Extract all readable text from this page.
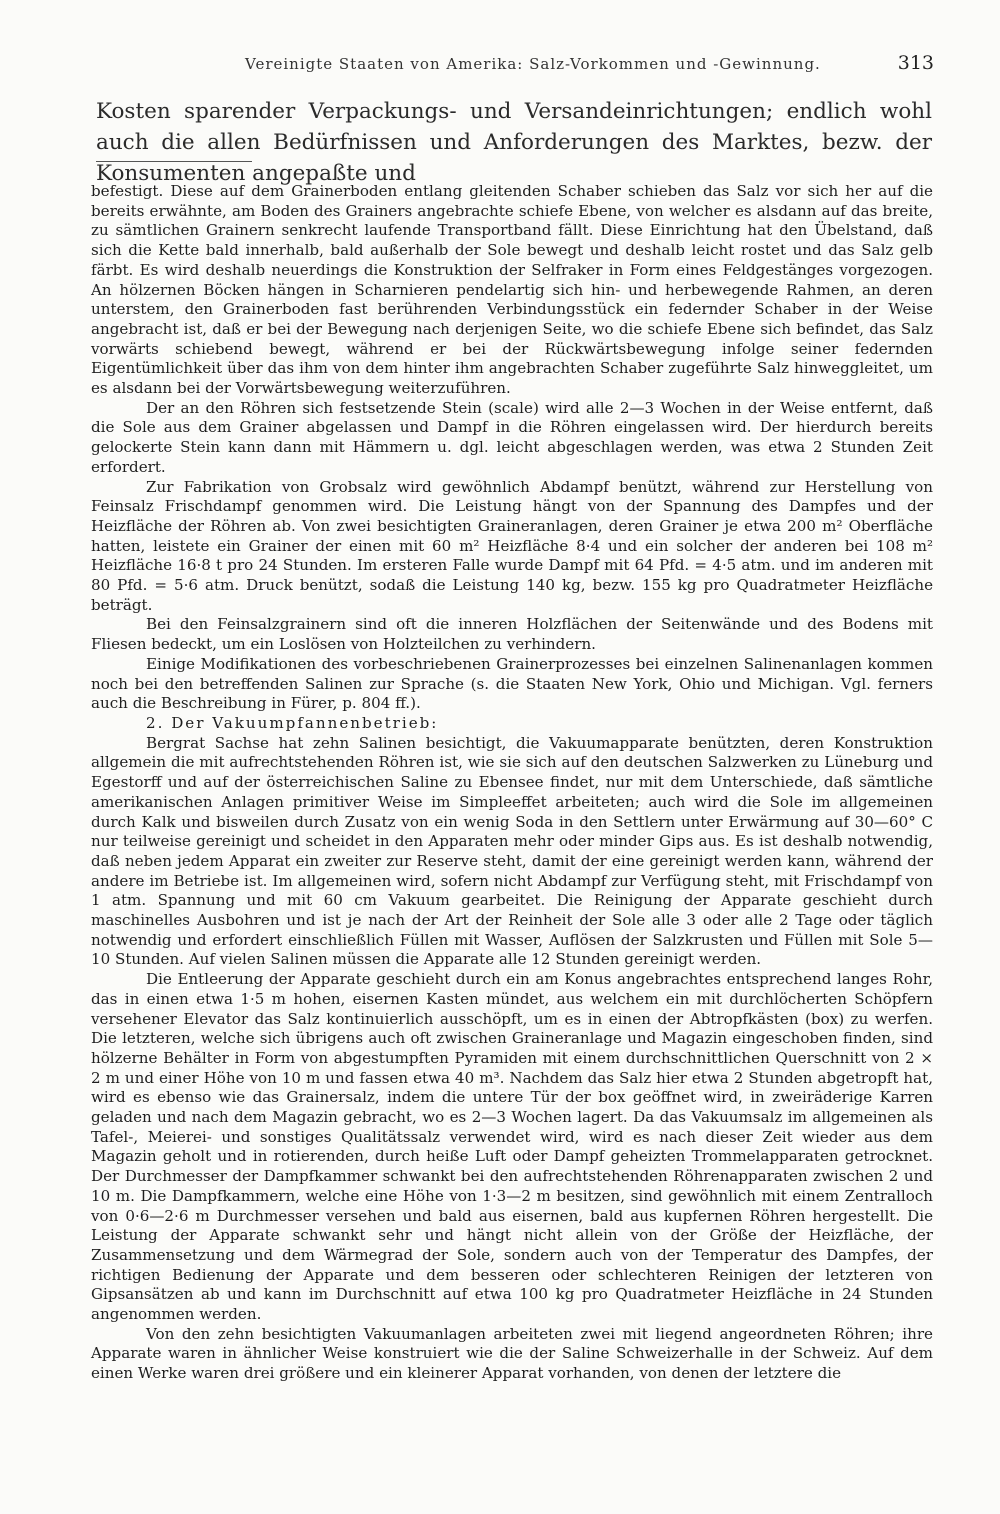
Vereinigte Staaten von Amerika: Salz-Vorkommen und -Gewinnung.	313
Kosten sparender Verpackungs- und Versandeinrichtungen; endlich wohl auch die allen Bedürfnissen und Anforderungen des Marktes, bezw. der Konsumenten angepaßte und

befestigt. Diese auf dem Grainerboden entlang gleitenden Schaber schieben das Salz vor sich her auf die bereits erwähnte, am Boden des Grainers angebrachte schiefe Ebene, von welcher es alsdann auf das breite, zu sämtlichen Grainern senkrecht laufende Transportband fällt. Diese Einrichtung hat den Übelstand, daß sich die Kette bald innerhalb, bald außerhalb der Sole bewegt und deshalb leicht rostet und das Salz gelb färbt. Es wird deshalb neuerdings die Konstruktion der Selfraker in Form eines Feldgestänges vorgezogen. An hölzernen Böcken hängen in Scharnieren pendelartig sich hin- und herbewegende Rahmen, an deren unterstem, den Grainerboden fast berührenden Verbindungsstück ein federnder Schaber in der Weise angebracht ist, daß er bei der Bewegung nach derjenigen Seite, wo die schiefe Ebene sich befindet, das Salz vorwärts schiebend bewegt, während er bei der Rückwärtsbewegung infolge seiner federnden Eigentümlichkeit über das ihm von dem hinter ihm angebrachten Schaber zugeführte Salz hinweggleitet, um es alsdann bei der Vorwärtsbewegung weiterzuführen.

Der an den Röhren sich festsetzende Stein (scale) wird alle 2—3 Wochen in der Weise entfernt, daß die Sole aus dem Grainer abgelassen und Dampf in die Röhren eingelassen wird. Der hierdurch bereits gelockerte Stein kann dann mit Hämmern u. dgl. leicht abgeschlagen werden, was etwa 2 Stunden Zeit erfordert.

Zur Fabrikation von Grobsalz wird gewöhnlich Abdampf benützt, während zur Herstellung von Feinsalz Frischdampf genommen wird. Die Leistung hängt von der Spannung des Dampfes und der Heizfläche der Röhren ab. Von zwei besichtigten Graineranlagen, deren Grainer je etwa 200 m² Oberfläche hatten, leistete ein Grainer der einen mit 60 m² Heizfläche 8·4 und ein solcher der anderen bei 108 m² Heizfläche 16·8 t pro 24 Stunden. Im ersteren Falle wurde Dampf mit 64 Pfd. = 4·5 atm. und im anderen mit 80 Pfd. = 5·6 atm. Druck benützt, sodaß die Leistung 140 kg, bezw. 155 kg pro Quadratmeter Heizfläche beträgt.

Bei den Feinsalzgrainern sind oft die inneren Holzflächen der Seitenwände und des Bodens mit Fliesen bedeckt, um ein Loslösen von Holzteilchen zu verhindern.

Einige Modifikationen des vorbeschriebenen Grainerprozesses bei einzelnen Salinenanlagen kommen noch bei den betreffenden Salinen zur Sprache (s. die Staaten New York, Ohio und Michigan. Vgl. ferners auch die Beschreibung in Fürer, p. 804 ff.).

2. Der Vakuumpfannenbetrieb:

Bergrat Sachse hat zehn Salinen besichtigt, die Vakuumapparate benützten, deren Konstruktion allgemein die mit aufrechtstehenden Röhren ist, wie sie sich auf den deutschen Salzwerken zu Lüneburg und Egestorff und auf der österreichischen Saline zu Ebensee findet, nur mit dem Unterschiede, daß sämtliche amerikanischen Anlagen primitiver Weise im Simpleeffet arbeiteten; auch wird die Sole im allgemeinen durch Kalk und bisweilen durch Zusatz von ein wenig Soda in den Settlern unter Erwärmung auf 30—60° C nur teilweise gereinigt und scheidet in den Apparaten mehr oder minder Gips aus. Es ist deshalb notwendig, daß neben jedem Apparat ein zweiter zur Reserve steht, damit der eine gereinigt werden kann, während der andere im Betriebe ist. Im allgemeinen wird, sofern nicht Abdampf zur Verfügung steht, mit Frischdampf von 1 atm. Spannung und mit 60 cm Vakuum gearbeitet. Die Reinigung der Apparate geschieht durch maschinelles Ausbohren und ist je nach der Art der Reinheit der Sole alle 3 oder alle 2 Tage oder täglich notwendig und erfordert einschließlich Füllen mit Wasser, Auflösen der Salzkrusten und Füllen mit Sole 5—10 Stunden. Auf vielen Salinen müssen die Apparate alle 12 Stunden gereinigt werden.

Die Entleerung der Apparate geschieht durch ein am Konus angebrachtes entsprechend langes Rohr, das in einen etwa 1·5 m hohen, eisernen Kasten mündet, aus welchem ein mit durchlöcherten Schöpfern versehener Elevator das Salz kontinuierlich ausschöpft, um es in einen der Abtropfkästen (box) zu werfen. Die letzteren, welche sich übrigens auch oft zwischen Graineranlage und Magazin eingeschoben finden, sind hölzerne Behälter in Form von abgestumpften Pyramiden mit einem durchschnittlichen Querschnitt von 2 × 2 m und einer Höhe von 10 m und fassen etwa 40 m³. Nachdem das Salz hier etwa 2 Stunden abgetropft hat, wird es ebenso wie das Grainersalz, indem die untere Tür der box geöffnet wird, in zweiräderige Karren geladen und nach dem Magazin gebracht, wo es 2—3 Wochen lagert. Da das Vakuumsalz im allgemeinen als Tafel-, Meierei- und sonstiges Qualitätssalz verwendet wird, wird es nach dieser Zeit wieder aus dem Magazin geholt und in rotierenden, durch heiße Luft oder Dampf geheizten Trommelapparaten getrocknet. Der Durchmesser der Dampfkammer schwankt bei den aufrechtstehenden Röhrenapparaten zwischen 2 und 10 m. Die Dampfkammern, welche eine Höhe von 1·3—2 m besitzen, sind gewöhnlich mit einem Zentralloch von 0·6—2·6 m Durchmesser versehen und bald aus eisernen, bald aus kupfernen Röhren hergestellt. Die Leistung der Apparate schwankt sehr und hängt nicht allein von der Größe der Heizfläche, der Zusammensetzung und dem Wärmegrad der Sole, sondern auch von der Temperatur des Dampfes, der richtigen Bedienung der Apparate und dem besseren oder schlechteren Reinigen der letzteren von Gipsansätzen ab und kann im Durchschnitt auf etwa 100 kg pro Quadratmeter Heizfläche in 24 Stunden angenommen werden.

Von den zehn besichtigten Vakuumanlagen arbeiteten zwei mit liegend angeordneten Röhren; ihre Apparate waren in ähnlicher Weise konstruiert wie die der Saline Schweizerhalle in der Schweiz. Auf dem einen Werke waren drei größere und ein kleinerer Apparat vorhanden, von denen der letztere die
